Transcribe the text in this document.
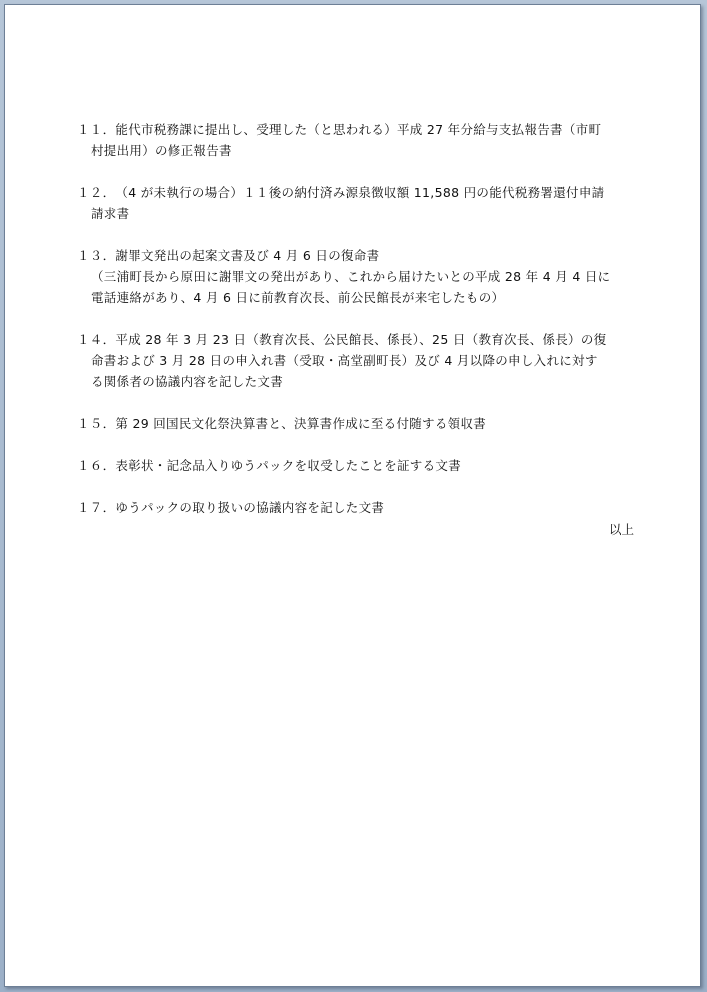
１１．能代市税務課に提出し、受理した（と思われる）平成 27 年分給与支払報告書（市町
村提出用）の修正報告書
１２．（4 が未執行の場合）１１後の納付済み源泉徴収額 11,588 円の能代税務署還付申請
請求書
１３．謝罪文発出の起案文書及び 4 月 6 日の復命書
（三浦町長から原田に謝罪文の発出があり、これから届けたいとの平成 28 年 4 月 4 日に
電話連絡があり、4 月 6 日に前教育次長、前公民館長が来宅したもの）
１４．平成 28 年 3 月 23 日（教育次長、公民館長、係長）、25 日（教育次長、係長）の復
命書および 3 月 28 日の申入れ書（受取・高堂副町長）及び 4 月以降の申し入れに対す
る関係者の協議内容を記した文書
１５．第 29 回国民文化祭決算書と、決算書作成に至る付随する領収書
１６．表彰状・記念品入りゆうパックを収受したことを証する文書
１７．ゆうパックの取り扱いの協議内容を記した文書
以上
